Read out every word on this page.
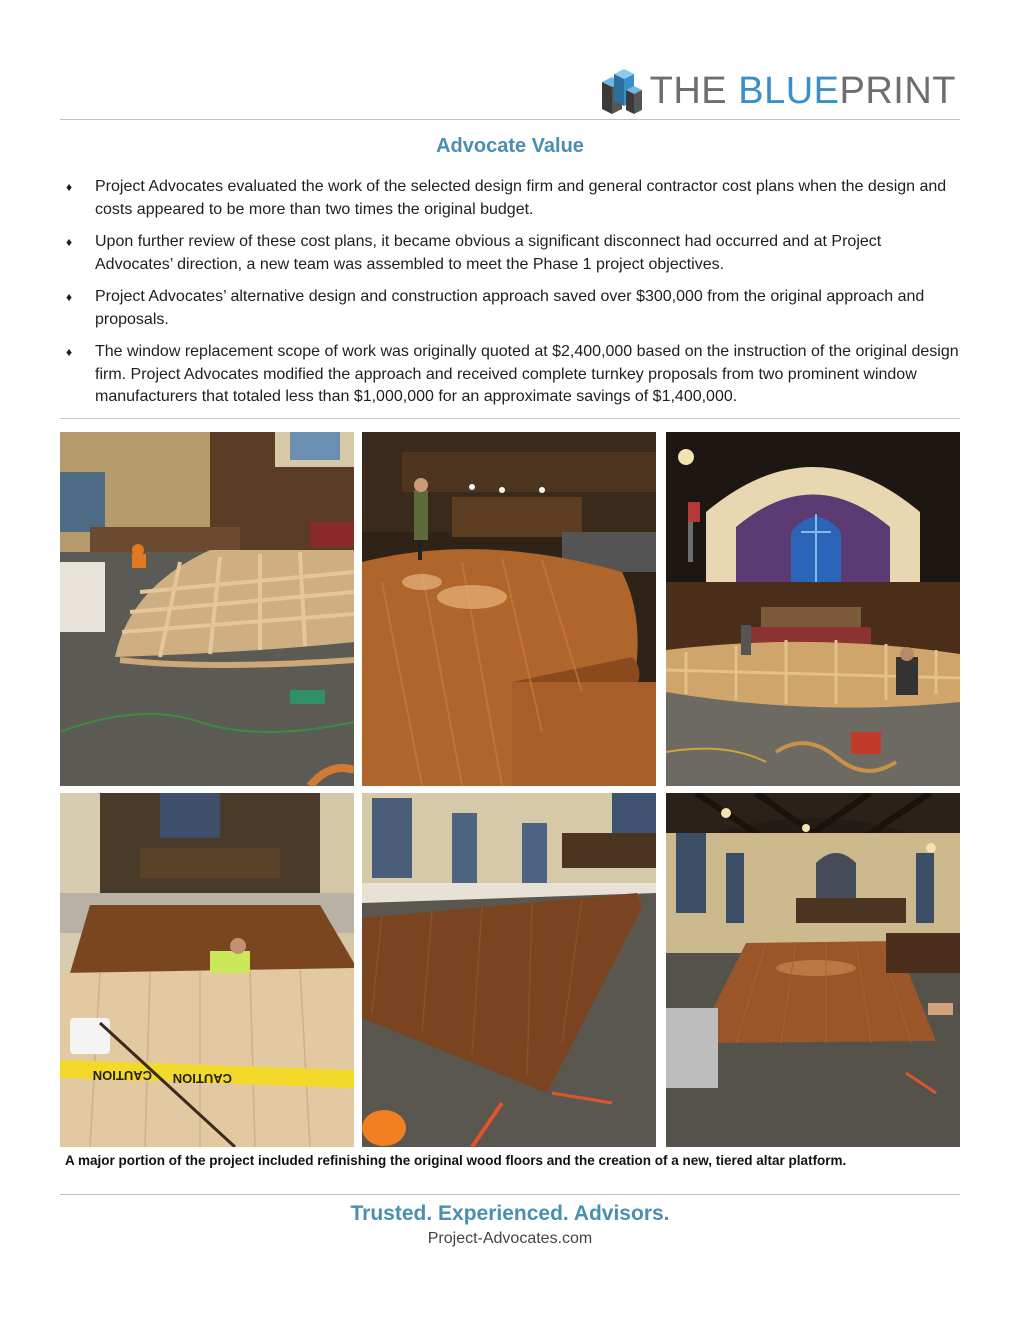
THE BLUEPRINT
Advocate Value
♦ Project Advocates evaluated the work of the selected design firm and general contractor cost plans when the design and costs appeared to be more than two times the original budget.
♦ Upon further review of these cost plans, it became obvious a significant disconnect had occurred and at Project Advocates’ direction, a new team was assembled to meet the Phase 1 project objectives.
♦ Project Advocates’ alternative design and construction approach saved over $300,000 from the original approach and proposals.
♦ The window replacement scope of work was originally quoted at $2,400,000 based on the instruction of the original design firm. Project Advocates modified the approach and received complete turnkey proposals from two prominent window manufacturers that totaled less than $1,000,000 for an approximate savings of $1,400,000.
CAUTION CAUTION
A major portion of the project included refinishing the original wood floors and the creation of a new, tiered altar platform.
Trusted. Experienced. Advisors.
Project-Advocates.com
